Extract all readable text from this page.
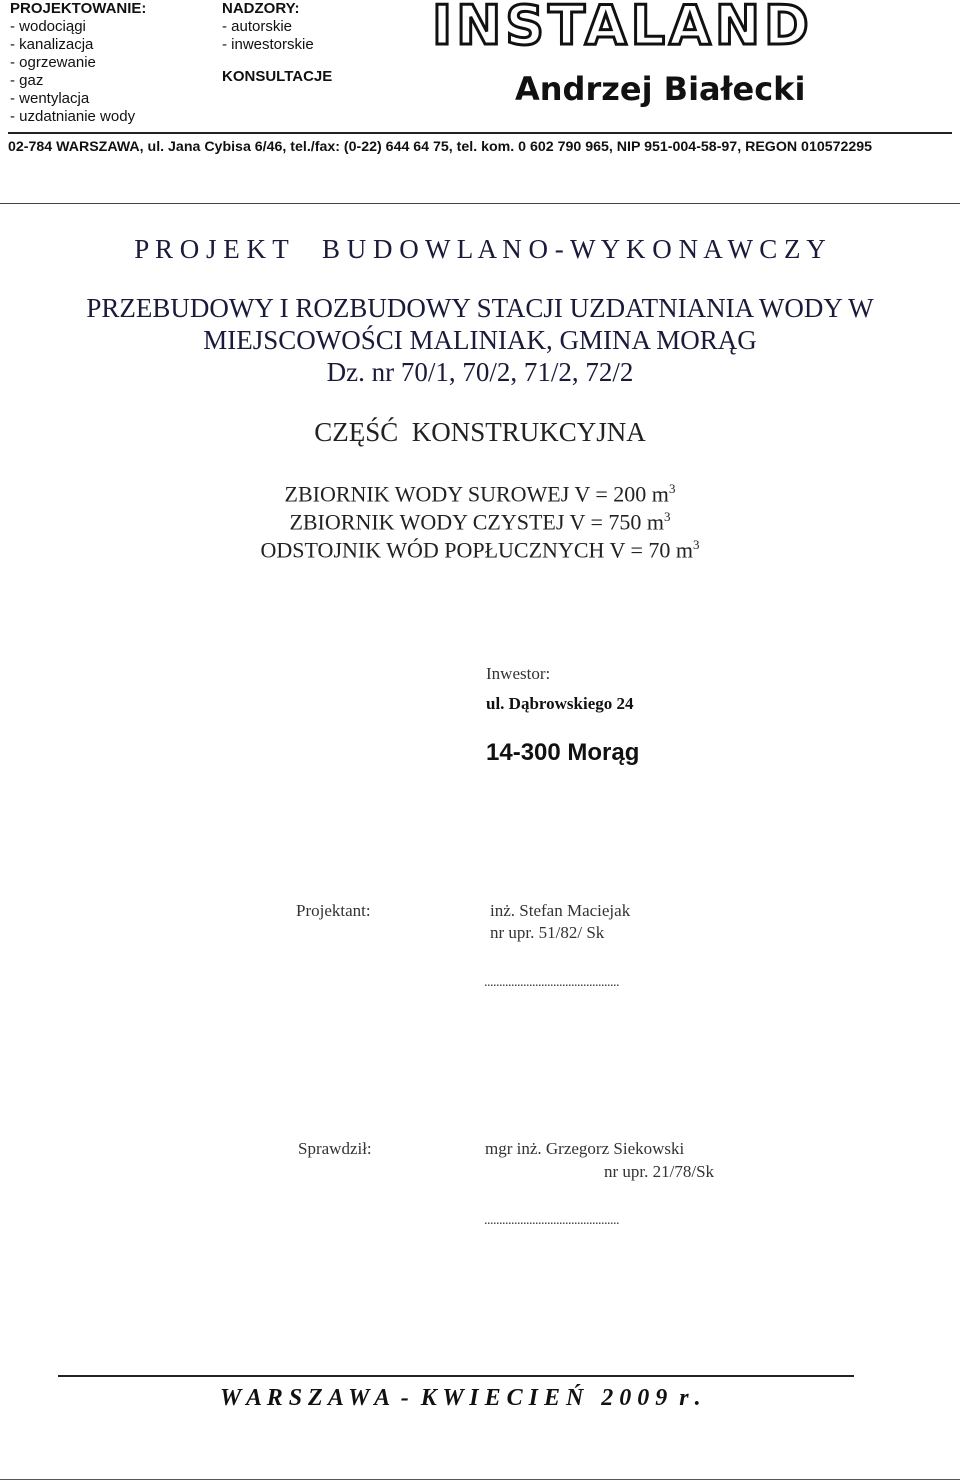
PROJEKTOWANIE:
- wodociągi
- kanalizacja
- ogrzewanie
- gaz
- wentylacja
- uzdatnianie wody
NADZORY:
- autorskie
- inwestorskie
KONSULTACJE
INSTALAND
Andrzej Białecki
02-784 WARSZAWA, ul. Jana Cybisa 6/46, tel./fax: (0-22) 644 64 75, tel. kom. 0 602 790 965, NIP 951-004-58-97, REGON 010572295
P R O J E K T     B U D O W L A N O - W Y K O N A W C Z Y
PRZEBUDOWY I ROZBUDOWY STACJI UZDATNIANIA WODY W
MIEJSCOWOŚCI MALINIAK, GMINA MORĄG
Dz. nr 70/1, 70/2, 71/2, 72/2
CZĘŚĆ  KONSTRUKCYJNA
ZBIORNIK WODY SUROWEJ V = 200 $m^3$
ZBIORNIK WODY CZYSTEJ V = 750 $m^3$
ODSTOJNIK WÓD POPŁUCZNYCH V = 70 $m^3$
Inwestor:
ul. Dąbrowskiego 24
14-300 Morąg
Projektant:	inż. Stefan Maciejak
nr upr. 51/82/ Sk
.............................................
Sprawdził:	mgr inż. Grzegorz Siekowski
nr upr. 21/78/Sk
.............................................
W A R S Z A W A  -  K W I E C I E Ń   2 0 0 9  r .
